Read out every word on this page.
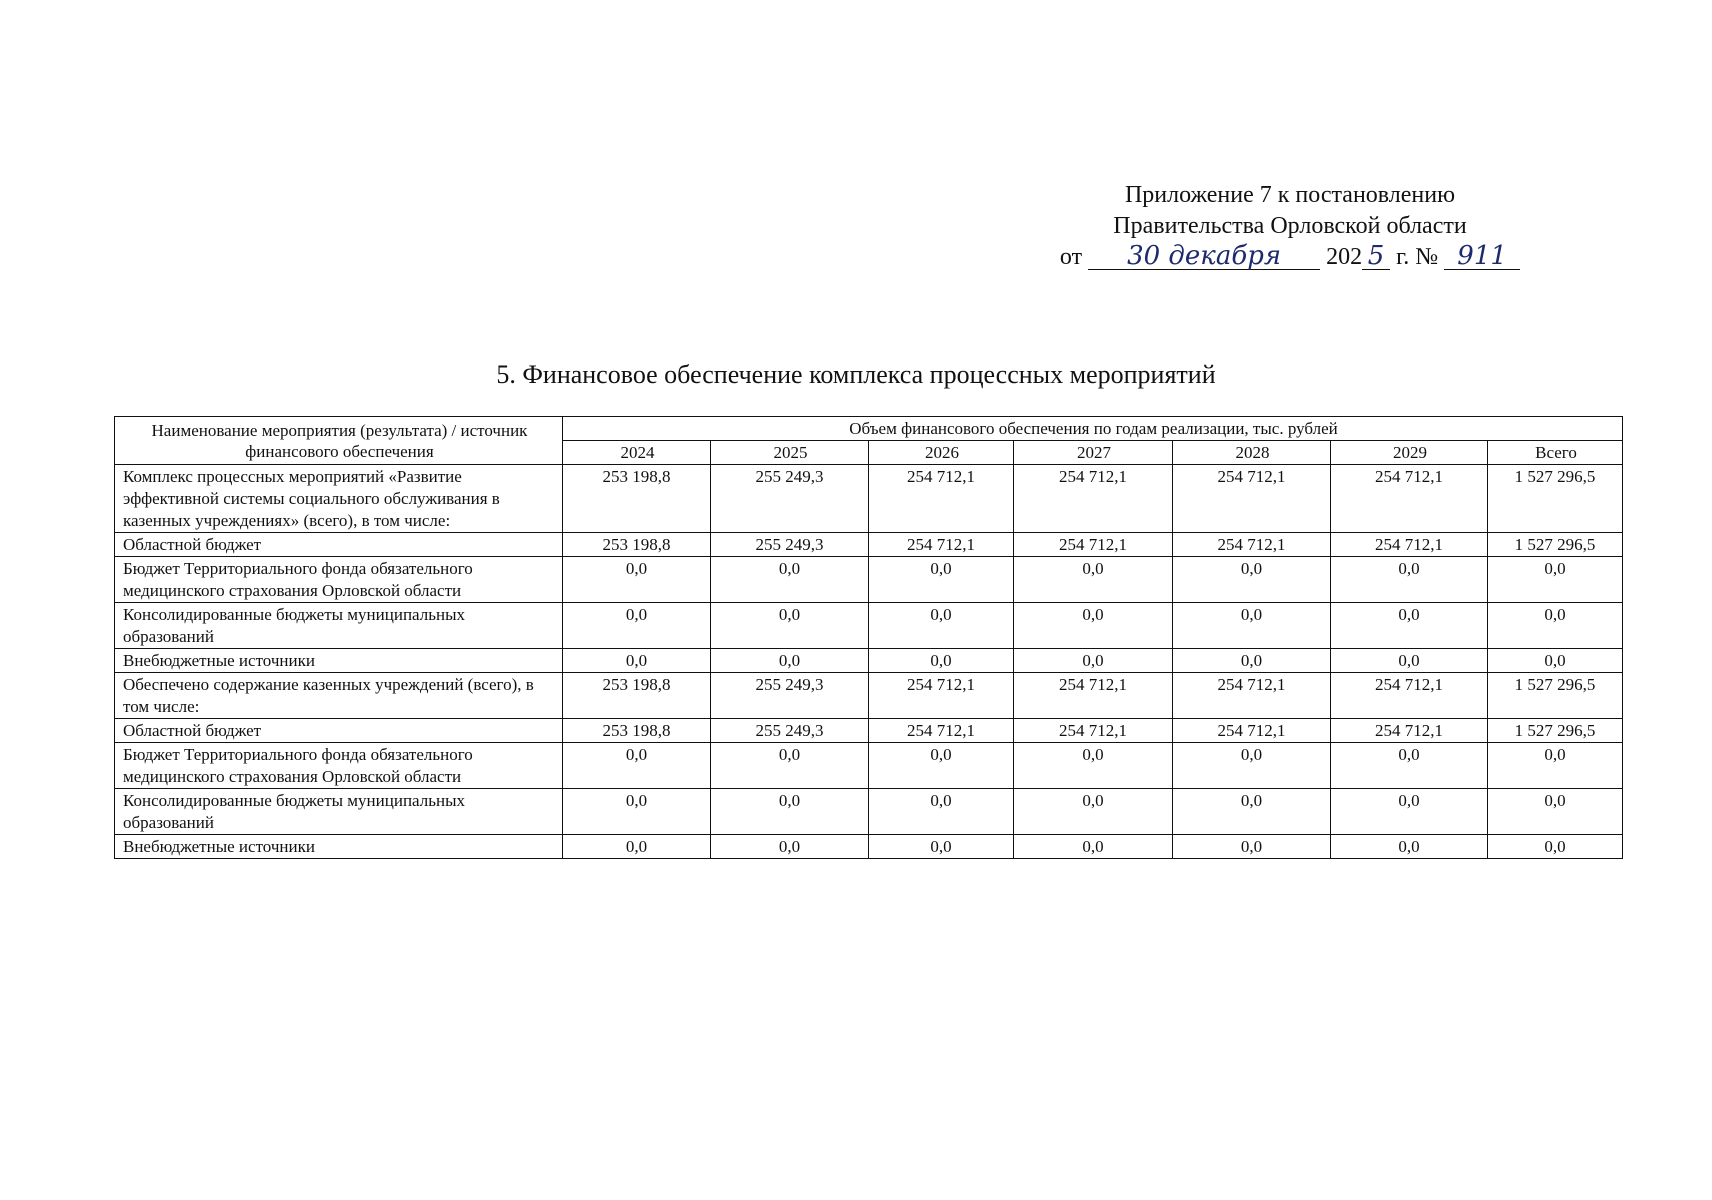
Приложение 7 к постановлению
Правительства Орловской области
от 30 декабря 202 5 г. № 911
5. Финансовое обеспечение комплекса процессных мероприятий
Наименование мероприятия (результата) / источник финансового обеспечения	Объем финансового обеспечения по годам реализации, тыс. рублей						
	2024	2025	2026	2027	2028	2029	Всего
Комплекс процессных мероприятий «Развитие эффективной системы социального обслуживания в казенных учреждениях» (всего), в том числе:	253 198,8	255 249,3	254 712,1	254 712,1	254 712,1	254 712,1	1 527 296,5
Областной бюджет	253 198,8	255 249,3	254 712,1	254 712,1	254 712,1	254 712,1	1 527 296,5
Бюджет Территориального фонда обязательного медицинского страхования Орловской области	0,0	0,0	0,0	0,0	0,0	0,0	0,0
Консолидированные бюджеты муниципальных образований	0,0	0,0	0,0	0,0	0,0	0,0	0,0
Внебюджетные источники	0,0	0,0	0,0	0,0	0,0	0,0	0,0
Обеспечено содержание казенных учреждений (всего), в том числе:	253 198,8	255 249,3	254 712,1	254 712,1	254 712,1	254 712,1	1 527 296,5
Областной бюджет	253 198,8	255 249,3	254 712,1	254 712,1	254 712,1	254 712,1	1 527 296,5
Бюджет Территориального фонда обязательного медицинского страхования Орловской области	0,0	0,0	0,0	0,0	0,0	0,0	0,0
Консолидированные бюджеты муниципальных образований	0,0	0,0	0,0	0,0	0,0	0,0	0,0
Внебюджетные источники	0,0	0,0	0,0	0,0	0,0	0,0	0,0
